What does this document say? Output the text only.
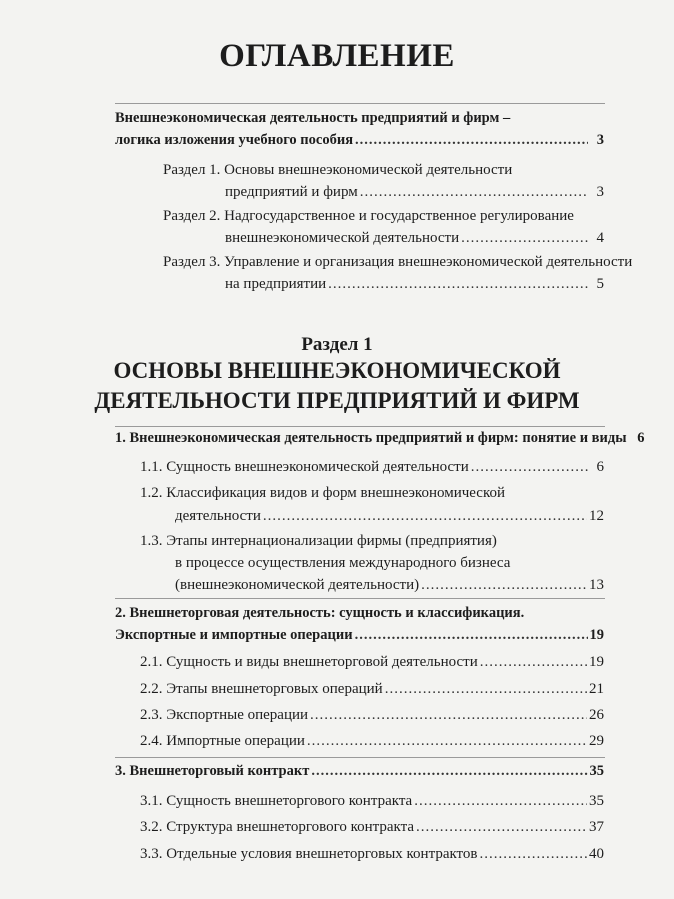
ОГЛАВЛЕНИЕ
Раздел 1
ОСНОВЫ ВНЕШНЕЭКОНОМИЧЕСКОЙ
ДЕЯТЕЛЬНОСТИ ПРЕДПРИЯТИЙ И ФИРМ
Внешнеэкономическая деятельность предприятий и фирм –
логика изложения учебного пособия .....	3
Раздел 1. Основы внешнеэкономической деятельности
предприятий и фирм .....	3
Раздел 2. Надгосударственное и государственное регулирование
внешнеэкономической деятельности .....	4
Раздел 3. Управление и организация внешнеэкономической деятельности
на предприятии .....	5
1. Внешнеэкономическая деятельность предприятий и фирм: понятие и виды 6
1.1. Сущность внешнеэкономической деятельности .....	6
1.2. Классификация видов и форм внешнеэкономической
деятельности .....	12
1.3. Этапы интернационализации фирмы (предприятия)
в процессе осуществления международного бизнеса
(внешнеэкономической деятельности) .....	13
2. Внешнеторговая деятельность: сущность и классификация.
Экспортные и импортные операции .....	19
2.1. Сущность и виды внешнеторговой деятельности .....	19
2.2. Этапы внешнеторговых операций .....	21
2.3. Экспортные операции .....	26
2.4. Импортные операции .....	29
3. Внешнеторговый контракт .....	35
3.1. Сущность внешнеторгового контракта .....	35
3.2. Структура внешнеторгового контракта .....	37
3.3. Отдельные условия внешнеторговых контрактов .....	40
